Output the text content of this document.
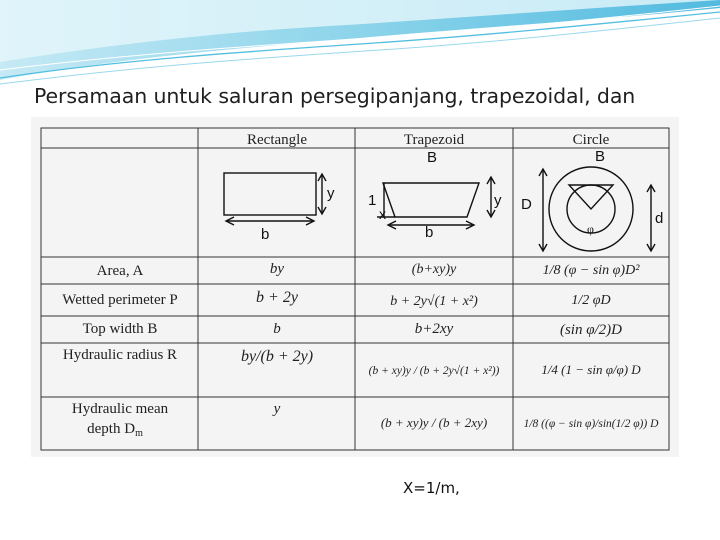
Persamaan untuk saluran persegipanjang, trapezoidal, dan
Rectangle	Trapezoid	Circle
y
b
B
1
x
y
b
B
D
d
φ
Area, A
Wetted perimeter P
Top width B
Hydraulic radius R
Hydraulic mean
depth $D_m$
by
b + 2y
b
by/(b + 2y)
y
(b+xy)y
b + 2y√(1 + x²)
b+2xy
(b + xy)y / (b + 2y√(1 + x²))
(b + xy)y / (b + 2xy)
1/8 (φ − sin φ)D²
1/2 φD
(sin φ/2)D
1/4 (1 − sin φ/φ) D
1/8 ((φ − sin φ)/sin(1/2 φ)) D
X=1/m,
